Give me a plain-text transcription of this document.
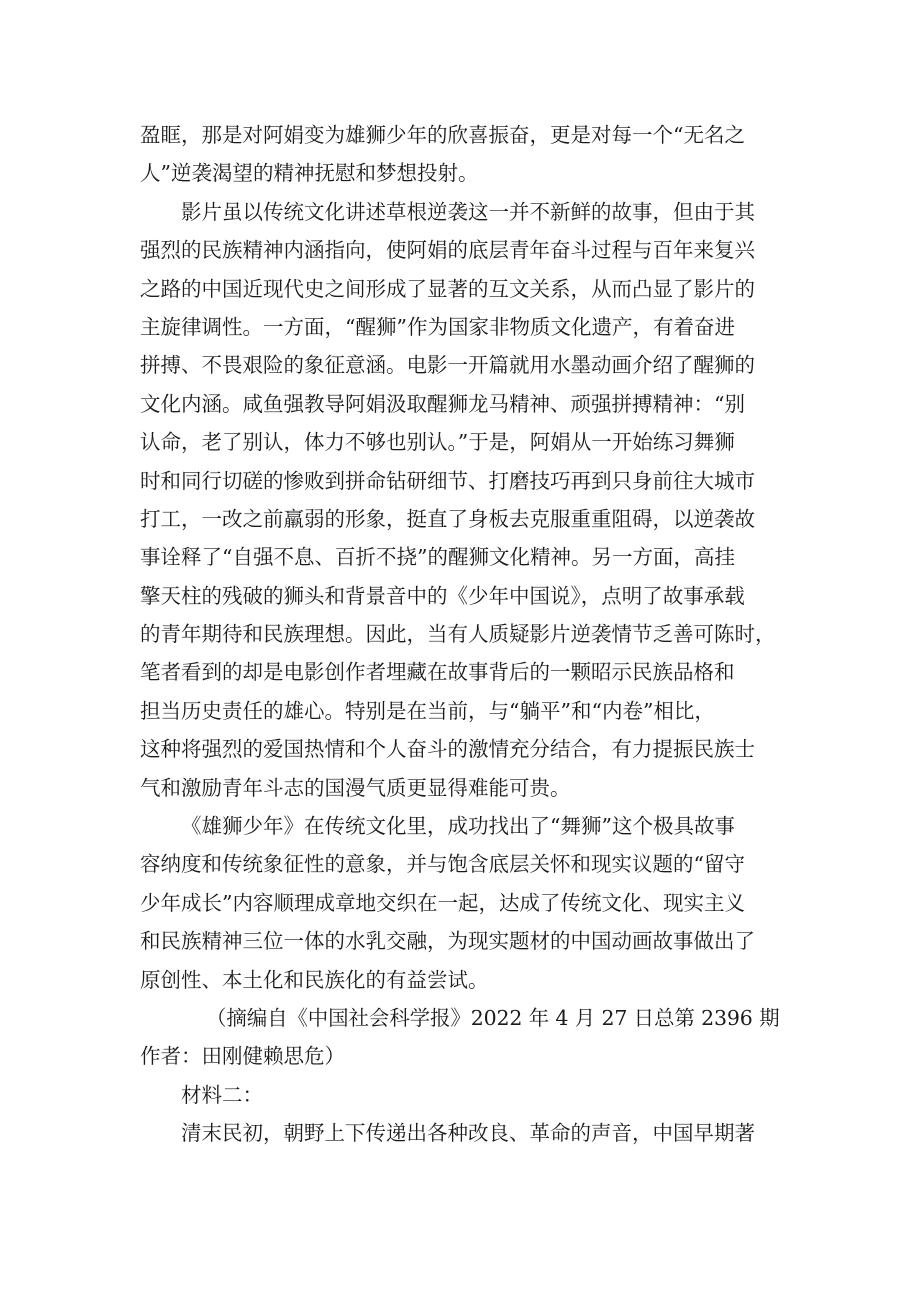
盈眶，那是对阿娟变为雄狮少年的欣喜振奋，更是对每一个“无名之
人”逆袭渴望的精神抚慰和梦想投射。
影片虽以传统文化讲述草根逆袭这一并不新鲜的故事，但由于其
强烈的民族精神内涵指向，使阿娟的底层青年奋斗过程与百年来复兴
之路的中国近现代史之间形成了显著的互文关系，从而凸显了影片的
主旋律调性。一方面，“醒狮”作为国家非物质文化遗产，有着奋进
拼搏、不畏艰险的象征意涵。电影一开篇就用水墨动画介绍了醒狮的
文化内涵。咸鱼强教导阿娟汲取醒狮龙马精神、顽强拼搏精神：“别
认命，老了别认，体力不够也别认。”于是，阿娟从一开始练习舞狮
时和同行切磋的惨败到拼命钻研细节、打磨技巧再到只身前往大城市
打工，一改之前羸弱的形象，挺直了身板去克服重重阻碍，以逆袭故
事诠释了“自强不息、百折不挠”的醒狮文化精神。另一方面，高挂
擎天柱的残破的狮头和背景音中的《少年中国说》，点明了故事承载
的青年期待和民族理想。因此，当有人质疑影片逆袭情节乏善可陈时，
笔者看到的却是电影创作者埋藏在故事背后的一颗昭示民族品格和
担当历史责任的雄心。特别是在当前，与“躺平”和“内卷”相比，
这种将强烈的爱国热情和个人奋斗的激情充分结合，有力提振民族士
气和激励青年斗志的国漫气质更显得难能可贵。
《雄狮少年》在传统文化里，成功找出了“舞狮”这个极具故事
容纳度和传统象征性的意象，并与饱含底层关怀和现实议题的“留守
少年成长”内容顺理成章地交织在一起，达成了传统文化、现实主义
和民族精神三位一体的水乳交融，为现实题材的中国动画故事做出了
原创性、本土化和民族化的有益尝试。
（摘编自《中国社会科学报》2022 年 4 月 27 日总第 2396 期
作者：田刚健赖思危）
材料二：
清末民初，朝野上下传递出各种改良、革命的声音，中国早期著
